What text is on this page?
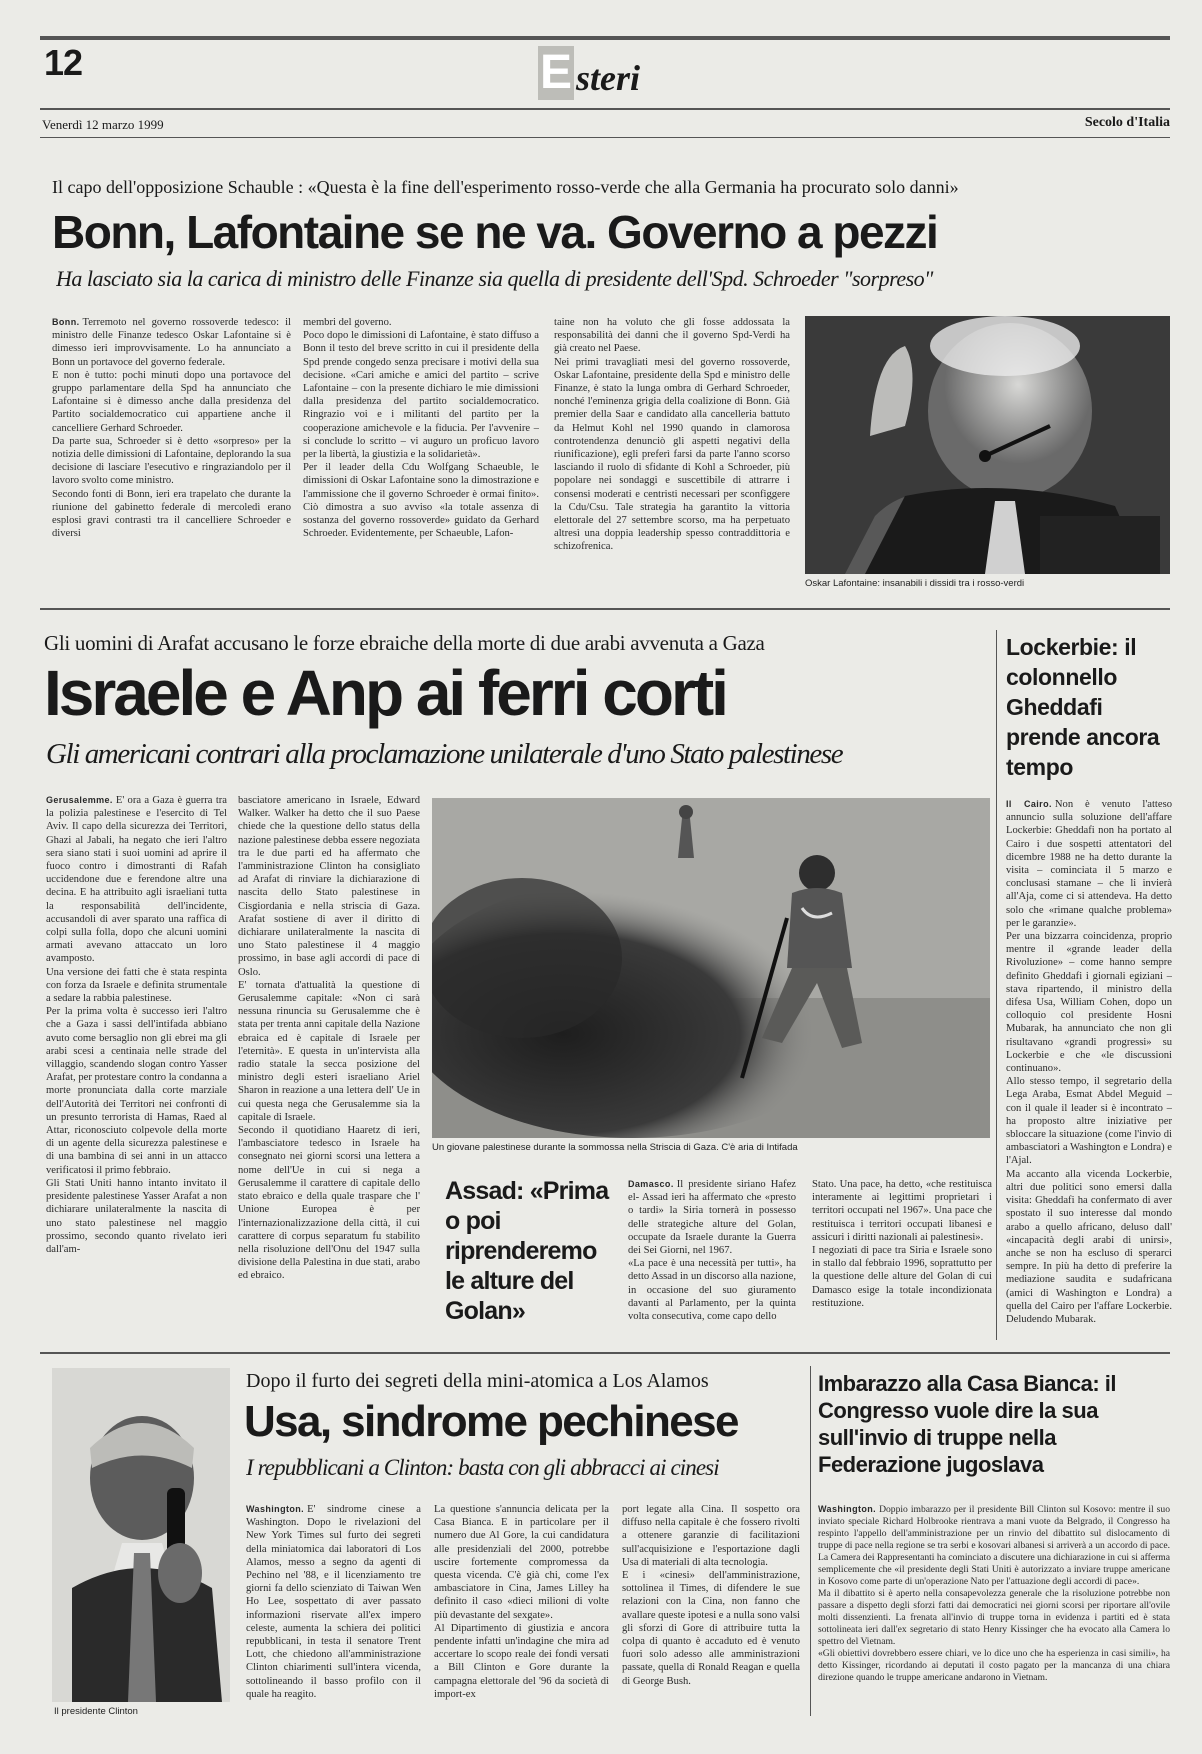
12	E steri
Venerdì 12 marzo 1999	Secolo d'Italia
Il capo dell'opposizione Schauble : «Questa è la fine dell'esperimento rosso-verde che alla Germania ha procurato solo danni»
Bonn, Lafontaine se ne va. Governo a pezzi
Ha lasciato sia la carica di ministro delle Finanze sia quella di presidente dell'Spd. Schroeder "sorpreso"
Bonn. Terremoto nel governo rossoverde tedesco: il ministro delle Finanze tedesco Oskar Lafontaine si è dimesso ieri improvvisamente. Lo ha annunciato a Bonn un portavoce del governo federale.
E non è tutto: pochi minuti dopo una portavoce del gruppo parlamentare della Spd ha annunciato che Lafontaine si è dimesso anche dalla presidenza del Partito socialdemocratico cui appartiene anche il cancelliere Gerhard Schroeder.
Da parte sua, Schroeder si è detto «sorpreso» per la notizia delle dimissioni di Lafontaine, deplorando la sua decisione di lasciare l'esecutivo e ringraziandolo per il lavoro svolto come ministro.
Secondo fonti di Bonn, ieri era trapelato che durante la riunione del gabinetto federale di mercoledì erano esplosi gravi contrasti tra il cancelliere Schroeder e diversi
membri del governo.
Poco dopo le dimissioni di Lafontaine, è stato diffuso a Bonn il testo del breve scritto in cui il presidente della Spd prende congedo senza precisare i motivi della sua decisione. «Cari amiche e amici del partito – scrive Lafontaine – con la presente dichiaro le mie dimissioni dalla presidenza del partito socialdemocratico. Ringrazio voi e i militanti del partito per la cooperazione amichevole e la fiducia. Per l'avvenire – si conclude lo scritto – vi auguro un proficuo lavoro per la libertà, la giustizia e la solidarietà».
Per il leader della Cdu Wolfgang Schaeuble, le dimissioni di Oskar Lafontaine sono la dimostrazione e l'ammissione che il governo Schroeder è ormai finito». Ciò dimostra a suo avviso «la totale assenza di sostanza del governo rossoverde» guidato da Gerhard Schroeder. Evidentemente, per Schaeuble, Lafon-
taine non ha voluto che gli fosse addossata la responsabilità dei danni che il governo Spd-Verdi ha già creato nel Paese.
Nei primi travagliati mesi del governo rossoverde, Oskar Lafontaine, presidente della Spd e ministro delle Finanze, è stato la lunga ombra di Gerhard Schroeder, nonché l'eminenza grigia della coalizione di Bonn. Già premier della Saar e candidato alla cancelleria battuto da Helmut Kohl nel 1990 quando in clamorosa controtendenza denunciò gli aspetti negativi della riunificazione), egli preferì farsi da parte l'anno scorso lasciando il ruolo di sfidante di Kohl a Schroeder, più popolare nei sondaggi e suscettibile di attrarre i consensi moderati e centristi necessari per sconfiggere la Cdu/Csu. Tale strategia ha garantito la vittoria elettorale del 27 settembre scorso, ma ha perpetuato altresì una doppia leadership spesso contraddittoria e schizofrenica.
Oskar Lafontaine: insanabili i dissidi tra i rosso-verdi
Gli uomini di Arafat accusano le forze ebraiche della morte di due arabi avvenuta a Gaza
Israele e Anp ai ferri corti
Gli americani contrari alla proclamazione unilaterale d'uno Stato palestinese
Gerusalemme. E' ora a Gaza è guerra tra la polizia palestinese e l'esercito di Tel Aviv. Il capo della sicurezza dei Territori, Ghazi al Jabali, ha negato che ieri l'altro sera siano stati i suoi uomini ad aprire il fuoco contro i dimostranti di Rafah uccidendone due e ferendone altre una decina. E ha attribuito agli israeliani tutta la responsabilità dell'incidente, accusandoli di aver sparato una raffica di colpi sulla folla, dopo che alcuni uomini armati avevano attaccato un loro avamposto.
Una versione dei fatti che è stata respinta con forza da Israele e definita strumentale a sedare la rabbia palestinese.
Per la prima volta è successo ieri l'altro che a Gaza i sassi dell'intifada abbiano avuto come bersaglio non gli ebrei ma gli arabi scesi a centinaia nelle strade del villaggio, scandendo slogan contro Yasser Arafat, per protestare contro la condanna a morte pronunciata dalla corte marziale dell'Autorità dei Territori nei confronti di un presunto terrorista di Hamas, Raed al Attar, riconosciuto colpevole della morte di un agente della sicurezza palestinese e di una bambina di sei anni in un attacco verificatosi il primo febbraio.
Gli Stati Uniti hanno intanto invitato il presidente palestinese Yasser Arafat a non dichiarare unilateralmente la nascita di uno stato palestinese nel maggio prossimo, secondo quanto rivelato ieri dall'am-
basciatore americano in Israele, Edward Walker. Walker ha detto che il suo Paese chiede che la questione dello status della nazione palestinese debba essere negoziata tra le due parti ed ha affermato che l'amministrazione Clinton ha consigliato ad Arafat di rinviare la dichiarazione di nascita dello Stato palestinese in Cisgiordania e nella striscia di Gaza. Arafat sostiene di aver il diritto di dichiarare unilateralmente la nascita di uno Stato palestinese il 4 maggio prossimo, in base agli accordi di pace di Oslo.
E' tornata d'attualità la questione di Gerusalemme capitale: «Non ci sarà nessuna rinuncia su Gerusalemme che è stata per trenta anni capitale della Nazione ebraica ed è capitale di Israele per l'eternità». E questa in un'intervista alla radio statale la secca posizione del ministro degli esteri israeliano Ariel Sharon in reazione a una lettera dell' Ue in cui questa nega che Gerusalemme sia la capitale di Israele.
Secondo il quotidiano Haaretz di ieri, l'ambasciatore tedesco in Israele ha consegnato nei giorni scorsi una lettera a nome dell'Ue in cui si nega a Gerusalemme il carattere di capitale dello stato ebraico e della quale traspare che l' Unione Europea è per l'internazionalizzazione della città, il cui carattere di corpus separatum fu stabilito nella risoluzione dell'Onu del 1947 sulla divisione della Palestina in due stati, arabo ed ebraico.
Un giovane palestinese durante la sommossa nella Striscia di Gaza. C'è aria di Intifada
Assad: «Prima o poi riprenderemo le alture del Golan»
Damasco. Il presidente siriano Hafez el- Assad ieri ha affermato che «presto o tardi» la Siria tornerà in possesso delle strategiche alture del Golan, occupate da Israele durante la Guerra dei Sei Giorni, nel 1967.
«La pace è una necessità per tutti», ha detto Assad in un discorso alla nazione, in occasione del suo giuramento davanti al Parlamento, per la quinta volta consecutiva, come capo dello
Stato. Una pace, ha detto, «che restituisca interamente ai legittimi proprietari i territori occupati nel 1967». Una pace che restituisca i territori occupati libanesi e assicuri i diritti nazionali ai palestinesi».
I negoziati di pace tra Siria e Israele sono in stallo dal febbraio 1996, soprattutto per la questione delle alture del Golan di cui Damasco esige la totale incondizionata restituzione.
Lockerbie: il colonnello Gheddafi prende ancora tempo
Il Cairo. Non è venuto l'atteso annuncio sulla soluzione dell'affare Lockerbie: Gheddafi non ha portato al Cairo i due sospetti attentatori del dicembre 1988 ne ha detto durante la visita – cominciata il 5 marzo e conclusasi stamane – che li invierà all'Aja, come ci si attendeva. Ha detto solo che «rimane qualche problema» per le garanzie».
Per una bizzarra coincidenza, proprio mentre il «grande leader della Rivoluzione» – come hanno sempre definito Gheddafi i giornali egiziani – stava ripartendo, il ministro della difesa Usa, William Cohen, dopo un colloquio col presidente Hosni Mubarak, ha annunciato che non gli risultavano «grandi progressi» su Lockerbie e che «le discussioni continuano».
Allo stesso tempo, il segretario della Lega Araba, Esmat Abdel Meguid – con il quale il leader si è incontrato – ha proposto altre iniziative per sbloccare la situazione (come l'invio di ambasciatori a Washington e Londra) e l'Ajal.
Ma accanto alla vicenda Lockerbie, altri due politici sono emersi dalla visita: Gheddafi ha confermato di aver spostato il suo interesse dal mondo arabo a quello africano, deluso dall' «incapacità degli arabi di unirsi», anche se non ha escluso di sperarci sempre. In più ha detto di preferire la mediazione saudita e sudafricana (amici di Washington e Londra) a quella del Cairo per l'affare Lockerbie. Deludendo Mubarak.
Il presidente Clinton
Dopo il furto dei segreti della mini-atomica a Los Alamos
Usa, sindrome pechinese
I repubblicani a Clinton: basta con gli abbracci ai cinesi
Washington. E' sindrome cinese a Washington. Dopo le rivelazioni del New York Times sul furto dei segreti della miniatomica dai laboratori di Los Alamos, messo a segno da agenti di Pechino nel '88, e il licenziamento tre giorni fa dello scienziato di Taiwan Wen Ho Lee, sospettato di aver passato informazioni riservate all'ex impero celeste, aumenta la schiera dei politici repubblicani, in testa il senatore Trent Lott, che chiedono all'amministrazione Clinton chiarimenti sull'intera vicenda, sottolineando il basso profilo con il quale ha reagito.
La questione s'annuncia delicata per la Casa Bianca. E in particolare per il numero due Al Gore, la cui candidatura alle presidenziali del 2000, potrebbe uscire fortemente compromessa da questa vicenda. C'è già chi, come l'ex ambasciatore in Cina, James Lilley ha definito il caso «dieci milioni di volte più devastante del sexgate».
Al Dipartimento di giustizia e ancora pendente infatti un'indagine che mira ad accertare lo scopo reale dei fondi versati a Bill Clinton e Gore durante la campagna elettorale del '96 da società di import-ex
port legate alla Cina. Il sospetto ora diffuso nella capitale è che fossero rivolti a ottenere garanzie di facilitazioni sull'acquisizione e l'esportazione dagli Usa di materiali di alta tecnologia.
E i «cinesi» dell'amministrazione, sottolinea il Times, di difendere le sue relazioni con la Cina, non fanno che avallare queste ipotesi e a nulla sono valsi gli sforzi di Gore di attribuire tutta la colpa di quanto è accaduto ed è venuto fuori solo adesso alle amministrazioni passate, quella di Ronald Reagan e quella di George Bush.
Imbarazzo alla Casa Bianca: il Congresso vuole dire la sua sull'invio di truppe nella Federazione jugoslava
Washington. Doppio imbarazzo per il presidente Bill Clinton sul Kosovo: mentre il suo inviato speciale Richard Holbrooke rientrava a mani vuote da Belgrado, il Congresso ha respinto l'appello dell'amministrazione per un rinvio del dibattito sul dislocamento di truppe di pace nella regione se tra serbi e kosovari albanesi si arriverà a un accordo di pace. La Camera dei Rappresentanti ha cominciato a discutere una dichiarazione in cui si afferma semplicemente che «il presidente degli Stati Uniti è autorizzato a inviare truppe americane in Kosovo come parte di un'operazione Nato per l'attuazione degli accordi di pace».
Ma il dibattito si è aperto nella consapevolezza generale che la risoluzione potrebbe non passare a dispetto degli sforzi fatti dai democratici nei giorni scorsi per riportare all'ovile molti dissenzienti. La frenata all'invio di truppe torna in evidenza i partiti ed è stata sottolineata ieri dall'ex segretario di stato Henry Kissinger che ha evocato alla Camera lo spettro del Vietnam.
«Gli obiettivi dovrebbero essere chiari, ve lo dice uno che ha esperienza in casi simili», ha detto Kissinger, ricordando ai deputati il costo pagato per la mancanza di una chiara direzione quando le truppe americane andarono in Vietnam.
